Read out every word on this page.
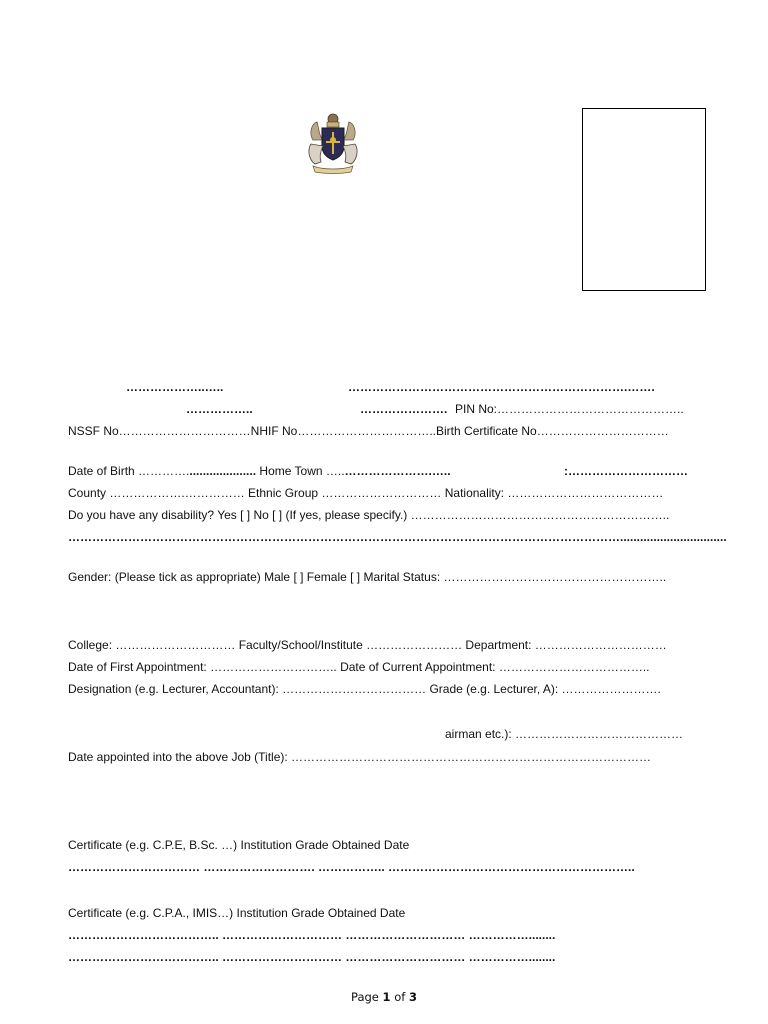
………………..…..	…………………………………………………………….…….
……………..	…………………. PIN No:………………………………………..
NSSF No……………………………NHIF No……………………………..Birth Certificate No……………………………
Date of Birth …………..................... Home Town …..………………….…..	:…………………………
County ……………….…………… Ethnic Group ………………………… Nationality: …………………………………
Do you have any disability? Yes [ ] No [ ] (If yes, please specify.) ………………………………………………………..
…………………………………………………………………………………………………………………………................................
Gender: (Please tick as appropriate) Male [ ] Female [ ] Marital Status: ………………………………………………..
College: ………………………… Faculty/School/Institute …………………… Department: ……………………………
Date of First Appointment: ………………………….. Date of Current Appointment: ………………………………..
Designation (e.g. Lecturer, Accountant): ……………………………… Grade (e.g. Lecturer, A): …………………….
airman etc.): ……………………………………
Date appointed into the above Job (Title): ………………………………………………………………………………
Certificate (e.g. C.P.E, B.Sc. …) Institution Grade Obtained Date
…………………………… ………………………. …………….. ……………………………………………………..
Certificate (e.g. C.P.A., IMIS…) Institution Grade Obtained Date
……………………………….. ………………………… ………………………… ……………........
……………………………….. ………………………… ………………………… ……………........
Page 1 of 3
